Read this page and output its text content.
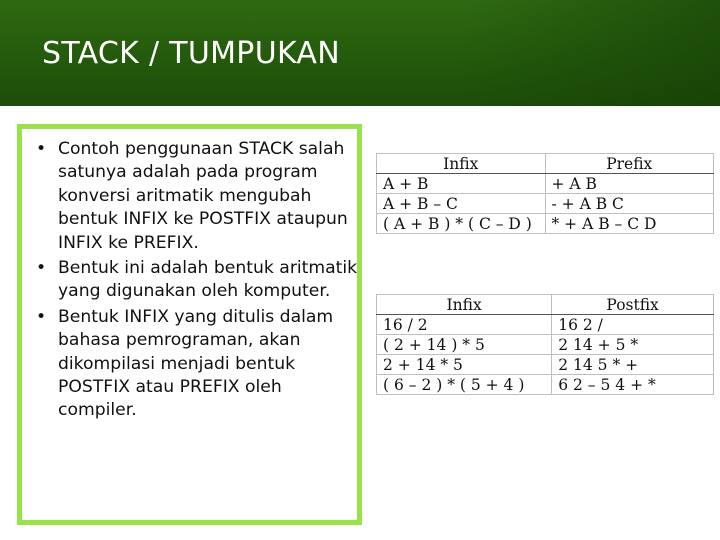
STACK / TUMPUKAN
• Contoh penggunaan STACK salah satunya adalah pada program konversi aritmatik mengubah bentuk INFIX ke POSTFIX ataupun INFIX ke PREFIX.
• Bentuk ini adalah bentuk aritmatik yang digunakan oleh komputer.
• Bentuk INFIX yang ditulis dalam bahasa pemrograman, akan dikompilasi menjadi bentuk POSTFIX atau PREFIX oleh compiler.
Infix	Prefix
A + B	+ A B
A + B – C	- + A B C
( A + B ) * ( C – D )	* + A B – C D
Infix	Postfix
16 / 2	16 2 /
( 2 + 14 ) * 5	2 14 + 5 *
2 + 14 * 5	2 14 5 * +
( 6 – 2 ) * ( 5 + 4 )	6 2 – 5 4 + *
